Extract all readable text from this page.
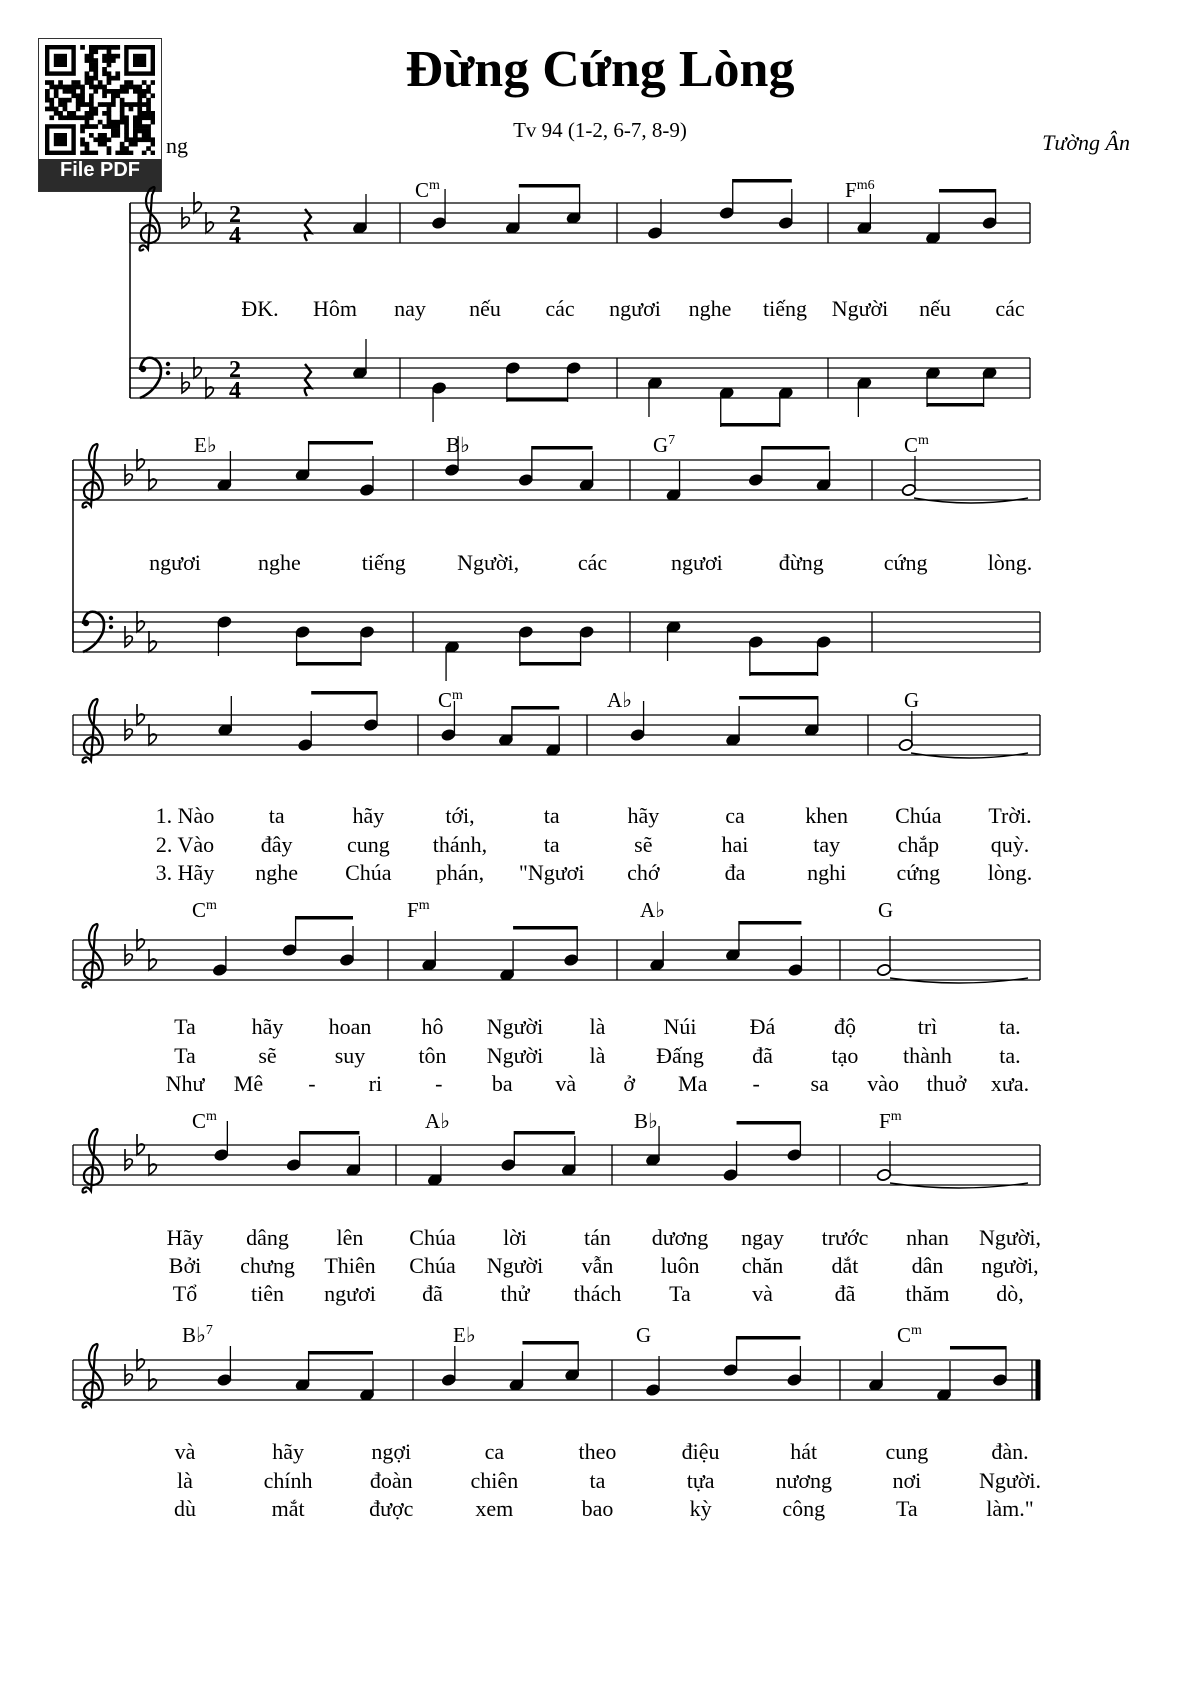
File PDF
Đừng Cứng Lòng
Tv 94 (1-2, 6-7, 8-9)
ng	Tường Ân
2
4
2
4
$C^m$	$F^{m6}$
ĐK. Hôm nay nếu các ngươi nghe tiếng Người nếu các
E♭	B♭	$G^7$	$C^m$
ngươi	nghe	tiếng Người,	các	ngươi	đừng	cứng	lòng.
$C^m$	A♭	G
1. Nào ta	hãy	tới,	ta	hãy	ca	khen Chúa Trời.
2. Vào đây cung thánh,	ta	sẽ	hai	tay	chắp quỳ.
3. Hãy nghe Chúa phán, "Ngươi chớ	đa	nghi cứng lòng.
$C^m$	$F^m$	A♭	G
Ta	hãy hoan hô Người là	Núi Đá	độ	trì	ta.
Ta	sẽ	suy tôn Người là Đấng đã	tạo thành ta.
Như Mê - ri - ba và ở Ma - sa vào thuở xưa.
$C^m$	A♭	B♭	$F^m$
Hãy dâng lên Chúa lời	tán dương ngay trước nhan Người,
Bởi chưng Thiên Chúa Người vẫn luôn chăn dắt dân người,
Tổ tiên ngươi đã	thử thách Ta	và	đã thăm dò,
B♭$^7$	E♭	G	$C^m$
và	hãy	ngợi	ca	theo	điệu	hát	cung	đàn.
là	chính	đoàn	chiên	ta	tựa	nương	nơi	Người.
dù	mắt	được	xem	bao	kỳ	công	Ta	làm."
